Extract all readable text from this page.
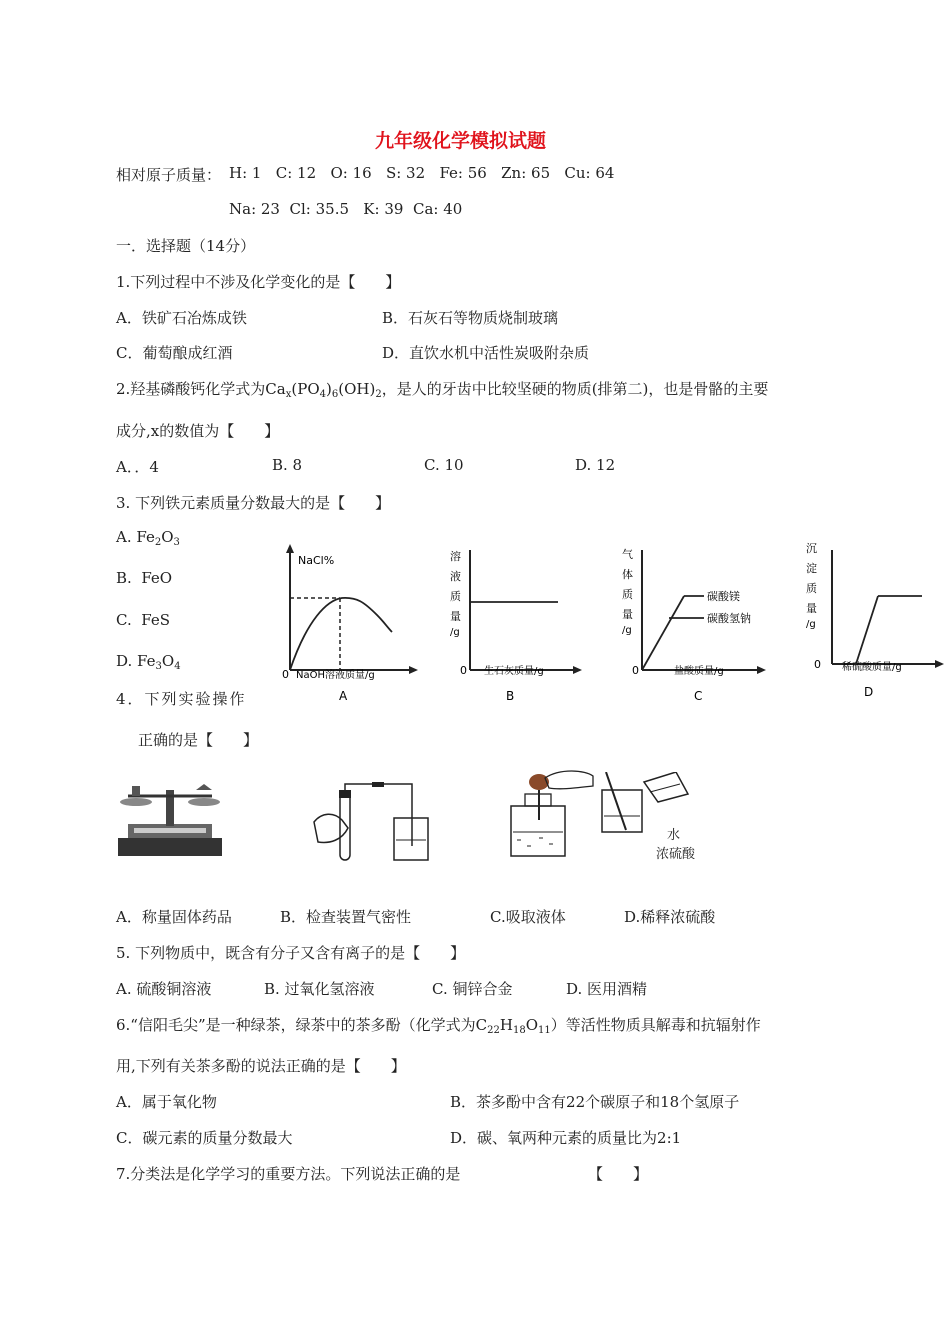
九年级化学模拟试题
相对原子质量： H: 1   C: 12   O: 16   S: 32   Fe: 56   Zn: 65   Cu: 64
Na: 23  Cl: 35.5   K: 39  Ca: 40
一．选择题（14分）
1.下列过程中不涉及化学变化的是【　　】
A．铁矿石冶炼成铁	B．石灰石等物质烧制玻璃
C．葡萄酿成红酒	D．直饮水机中活性炭吸附杂质
2.羟基磷酸钙化学式为$Ca_x(PO_4)_6(OH)_2$，是人的牙齿中比较坚硬的物质(排第二)，也是骨骼的主要
成分,x的数值为【　　】
A．．4	B. 8	C. 10	D. 12
3. 下列铁元素质量分数最大的是【　　】
A. $Fe_2O_3$
B.  FeO
C.  FeS
D. $Fe_3O_4$
4．下列实验操作
正确的是【　　】
NaCl%
0 NaOH溶液质量/g
A
溶
液
质
量
/g
0 生石灰质量/g
B
气
体
质
量
/g
碳酸镁
碳酸氢钠
0	盐酸质量/g
C
沉
淀
质
量
/g
0 稀硫酸质量/g
D
水
浓硫酸
A．称量固体药品	B．检查装置气密性	C.吸取液体	D.稀释浓硫酸
5. 下列物质中，既含有分子又含有离子的是【　　】
A. 硫酸铜溶液	B. 过氧化氢溶液	C. 铜锌合金	D. 医用酒精
6.“信阳毛尖”是一种绿茶，绿茶中的茶多酚（化学式为$C_{22}H_{18}O_{11}$）等活性物质具解毒和抗辐射作
用,下列有关茶多酚的说法正确的是【　　】
A．属于氧化物	B．茶多酚中含有22个碳原子和18个氢原子
C．碳元素的质量分数最大	D．碳、氧两种元素的质量比为2:1
7.分类法是化学学习的重要方法。下列说法正确的是	【　　】
